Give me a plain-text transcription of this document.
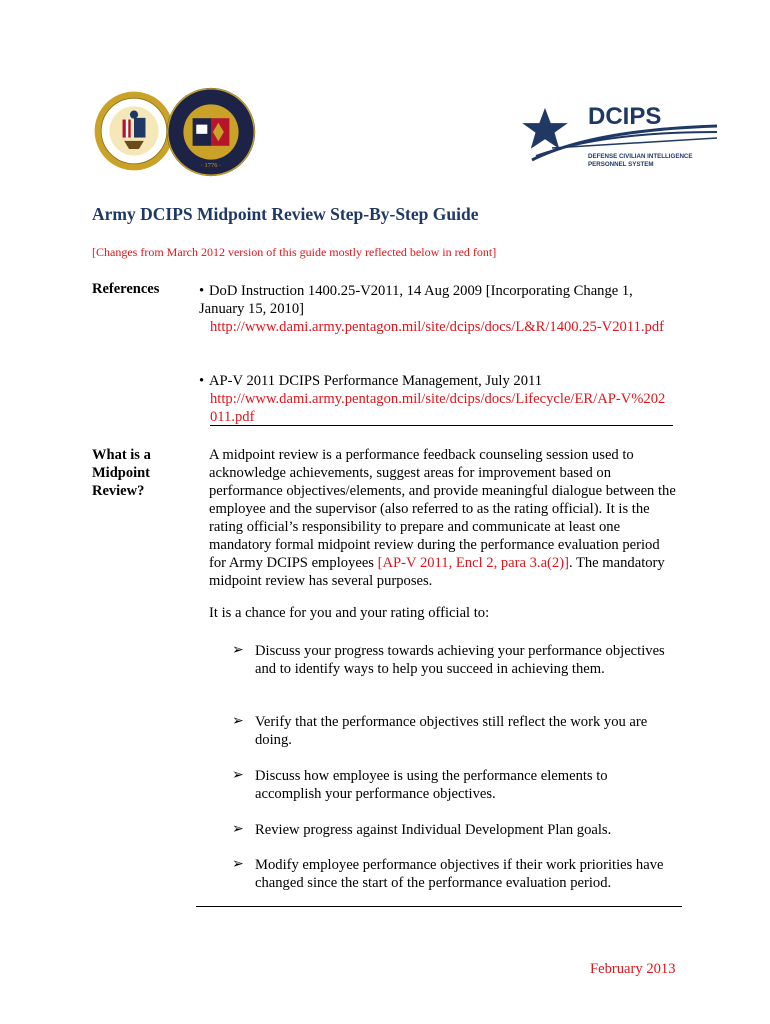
· 1776 ·
DCIPS
DEFENSE CIVILIAN INTELLIGENCE
PERSONNEL SYSTEM
Army DCIPS Midpoint Review Step-By-Step Guide
[Changes from March 2012 version of this guide mostly reflected below in red font]
References	• DoD Instruction 1400.25-V2011, 14 Aug 2009 [Incorporating Change 1, January 15, 2010]
http://www.dami.army.pentagon.mil/site/dcips/docs/L&R/1400.25-V2011.pdf
• AP-V 2011 DCIPS Performance Management, July 2011
http://www.dami.army.pentagon.mil/site/dcips/docs/Lifecycle/ER/AP-V%202011.pdf
What is a Midpoint Review?
A midpoint review is a performance feedback counseling session used to acknowledge achievements, suggest areas for improvement based on performance objectives/elements, and provide meaningful dialogue between the employee and the supervisor (also referred to as the rating official). It is the rating official’s responsibility to prepare and communicate at least one mandatory formal midpoint review during the performance evaluation period for Army DCIPS employees [AP-V 2011, Encl 2, para 3.a(2)]. The mandatory midpoint review has several purposes.
It is a chance for you and your rating official to:
➢ Discuss your progress towards achieving your performance objectives and to identify ways to help you succeed in achieving them.
➢ Verify that the performance objectives still reflect the work you are doing.
➢ Discuss how employee is using the performance elements to accomplish your performance objectives.
➢ Review progress against Individual Development Plan goals.
➢ Modify employee performance objectives if their work priorities have changed since the start of the performance evaluation period.
February 2013
